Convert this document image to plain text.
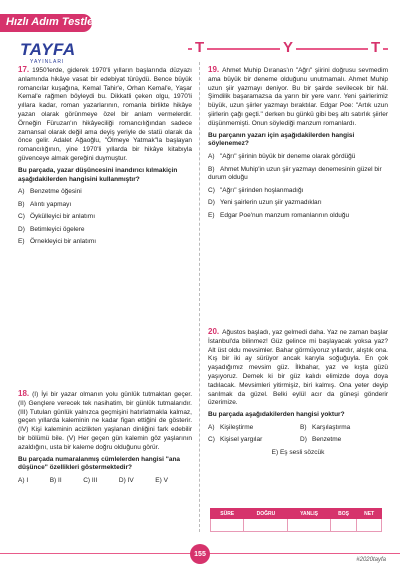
Hızlı Adım Testleri
TAYFA
YAYINLARI
T	Y	T

17. 1950'lerde, giderek 1970'li yılların başlarında düzyazı anlamında hikâye vasat bir edebiyat türüydü. Bence büyük romancılar kuşağına, Kemal Tahir'e, Orhan Kemal'e, Yaşar Kemal'e rağmen böyleydi bu. Dikkatli çeken olgu, 1970'li yıllara kadar, roman yazarlarının, romanla birlikte hikâye yazan olarak görünmeye özel bir anlam vermelerdir. Örneğin Füruzan'ın hikâyeciliği romancılığından sadece zamansal olarak değil ama deyiş yeriyle de statü olarak da önce gelir. Adalet Ağaoğlu, "Ölmeye Yatmak"la başlayan romancılığının, yine 1970'li yıllarda bir hikâye kitabıyla güvenceye almak gereğini duymuştur.

Bu parçada, yazar düşüncesini inandırıcı kılmakiçin aşağıdakilerden hangisini kullanmıştır?

A) Benzetme öğesini
B) Alıntı yapmayı
C) Öykülleyici bir anlatımı
D) Betimleyici ögelere
E) Örnekleyici bir anlatımı

18. (I) İyi bir yazar olmanın yolu günlük tutmaktan geçer. (II) Gençlere verecek tek nasihatim, bir günlük tutmalarıdır. (III) Tutulan günlük yalnızca geçmişini hatırlatmakla kalmaz, geçen yıllarda kaleminin ne kadar figan ettiğini de gösterir. (IV) Kişi kaleminin acizlikten yaşlanan dinliğini fark edebilir bir bölümü bile. (V) Her geçen gün kalemin göz yaşlarının azaldığını, usta bir kaleme doğru olduğunu görür.

Bu parçada numaralanmış cümlelerden hangisi "ana düşünce" özellikleri göstermektedir?

A) I	B) II	C) III	D) IV	E) V

19. Ahmet Muhip Dıranas'ın "Ağrı" şiirini doğrusu sevmedim ama büyük bir deneme olduğunu unutmamalı. Ahmet Muhip uzun şiir yazmayı deniyor. Bu bir şairde sevilecek bir hâl. Şimdilik başaramazsa da yarın bir yere varır. Yeni şairlerimiz büyük, uzun şiirler yazmayı bıraktılar. Edgar Poe: "Artık uzun şiirlerin çağı geçti." derken bu günkü gibi beş altı satırlık şiirler düşünmemişti. Onun söylediği manzum romanlardı.

Bu parçanın yazarı için aşağıdakilerden hangisi söylenemez?

A) "Ağrı" şiirinin büyük bir deneme olarak gördüğü
B) Ahmet Muhip'in uzun şiir yazmayı denemesinin güzel bir durum olduğu
C) "Ağrı" şiirinden hoşlanmadığı
D) Yeni şairlerin uzun şiir yazmadıkları
E) Edgar Poe'nun manzum romanlarının olduğu

20. Ağustos başladı, yaz gelmedi daha. Yaz ne zaman başlar İstanbul'da bilinmez! Güz gelince mi başlayacak yoksa yaz? Alt üst oldu mevsimler. Bahar görmüyoruz yıllardır, alıştık ona. Kış bir iki ay sürüyor ancak karıyla soğuğuyla. En çok yaşadığımız mevsim güz. İlkbahar, yaz ve kışta güzü yaşıyoruz. Demek ki bir güz kalıdı elimizde doya doya tadılacak. Mevsimleri yitirmişiz, biri kalmış. Ona yeter deyip sarılmak da güzel. Belki eylül acır da güneşi gönderir üzerimize.

Bu parçada aşağıdakilerden hangisi yoktur?

A) Kişileştirme	B) Karşılaştırma
C) Kişisel yargılar	D) Benzetme
E) Eş sesli sözcük
SÜRE	DOĞRU	YANLIŞ	BOŞ	NET

155
#2020tayfa
